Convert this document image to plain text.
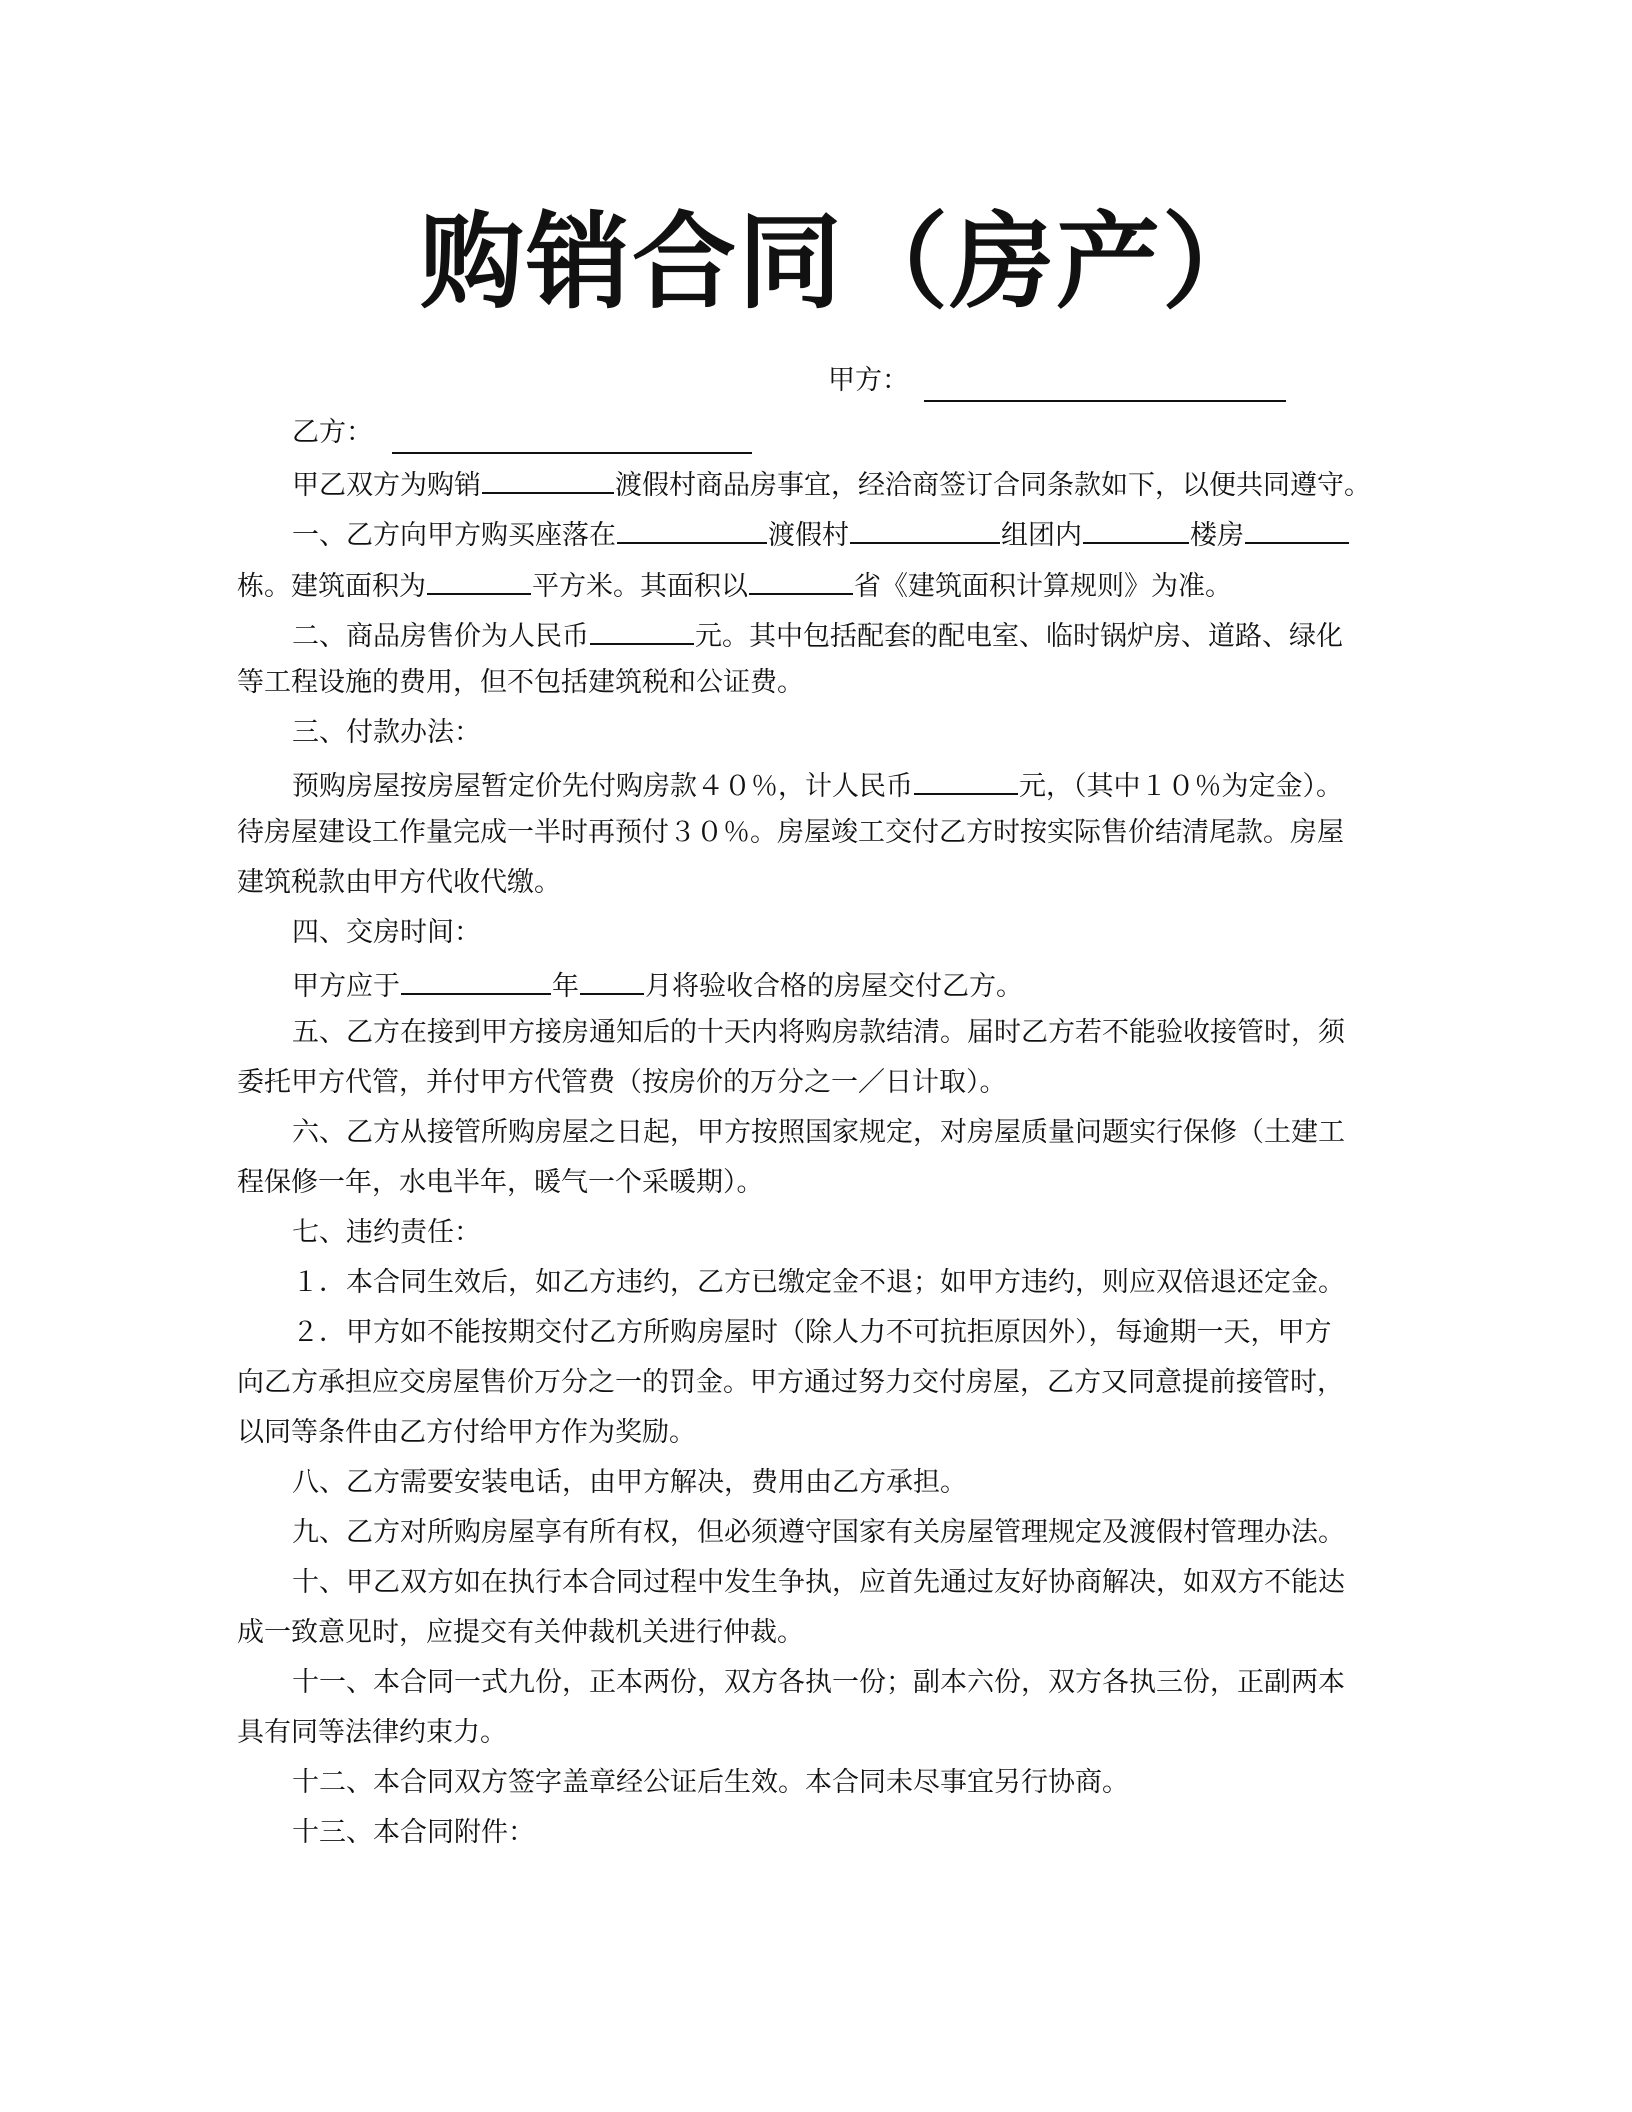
购销合同（房产）
甲方：
乙方：
甲乙双方为购销	渡假村商品房事宜，经洽商签订合同条款如下，以便共同遵守。
一、乙方向甲方购买座落在	渡假村	组团内	楼房
栋。建筑面积为	平方米。其面积以	省《建筑面积计算规则》为准。
二、商品房售价为人民币	元。其中包括配套的配电室、临时锅炉房、道路、绿化
等工程设施的费用，但不包括建筑税和公证费。
三、付款办法：
预购房屋按房屋暂定价先付购房款４０％，计人民币	元，（其中１０％为定金）。
待房屋建设工作量完成一半时再预付３０％。房屋竣工交付乙方时按实际售价结清尾款。房屋
建筑税款由甲方代收代缴。
四、交房时间：
甲方应于	年 月将验收合格的房屋交付乙方。
五、乙方在接到甲方接房通知后的十天内将购房款结清。届时乙方若不能验收接管时，须
委托甲方代管，并付甲方代管费（按房价的万分之一／日计取）。
六、乙方从接管所购房屋之日起，甲方按照国家规定，对房屋质量问题实行保修（土建工
程保修一年，水电半年，暖气一个采暖期）。
七、违约责任：
１．本合同生效后，如乙方违约，乙方已缴定金不退；如甲方违约，则应双倍退还定金。
２．甲方如不能按期交付乙方所购房屋时（除人力不可抗拒原因外），每逾期一天，甲方
向乙方承担应交房屋售价万分之一的罚金。甲方通过努力交付房屋，乙方又同意提前接管时，
以同等条件由乙方付给甲方作为奖励。
八、乙方需要安装电话，由甲方解决，费用由乙方承担。
九、乙方对所购房屋享有所有权，但必须遵守国家有关房屋管理规定及渡假村管理办法。
十、甲乙双方如在执行本合同过程中发生争执，应首先通过友好协商解决，如双方不能达
成一致意见时，应提交有关仲裁机关进行仲裁。
十一、本合同一式九份，正本两份，双方各执一份；副本六份，双方各执三份，正副两本
具有同等法律约束力。
十二、本合同双方签字盖章经公证后生效。本合同未尽事宜另行协商。
十三、本合同附件：
